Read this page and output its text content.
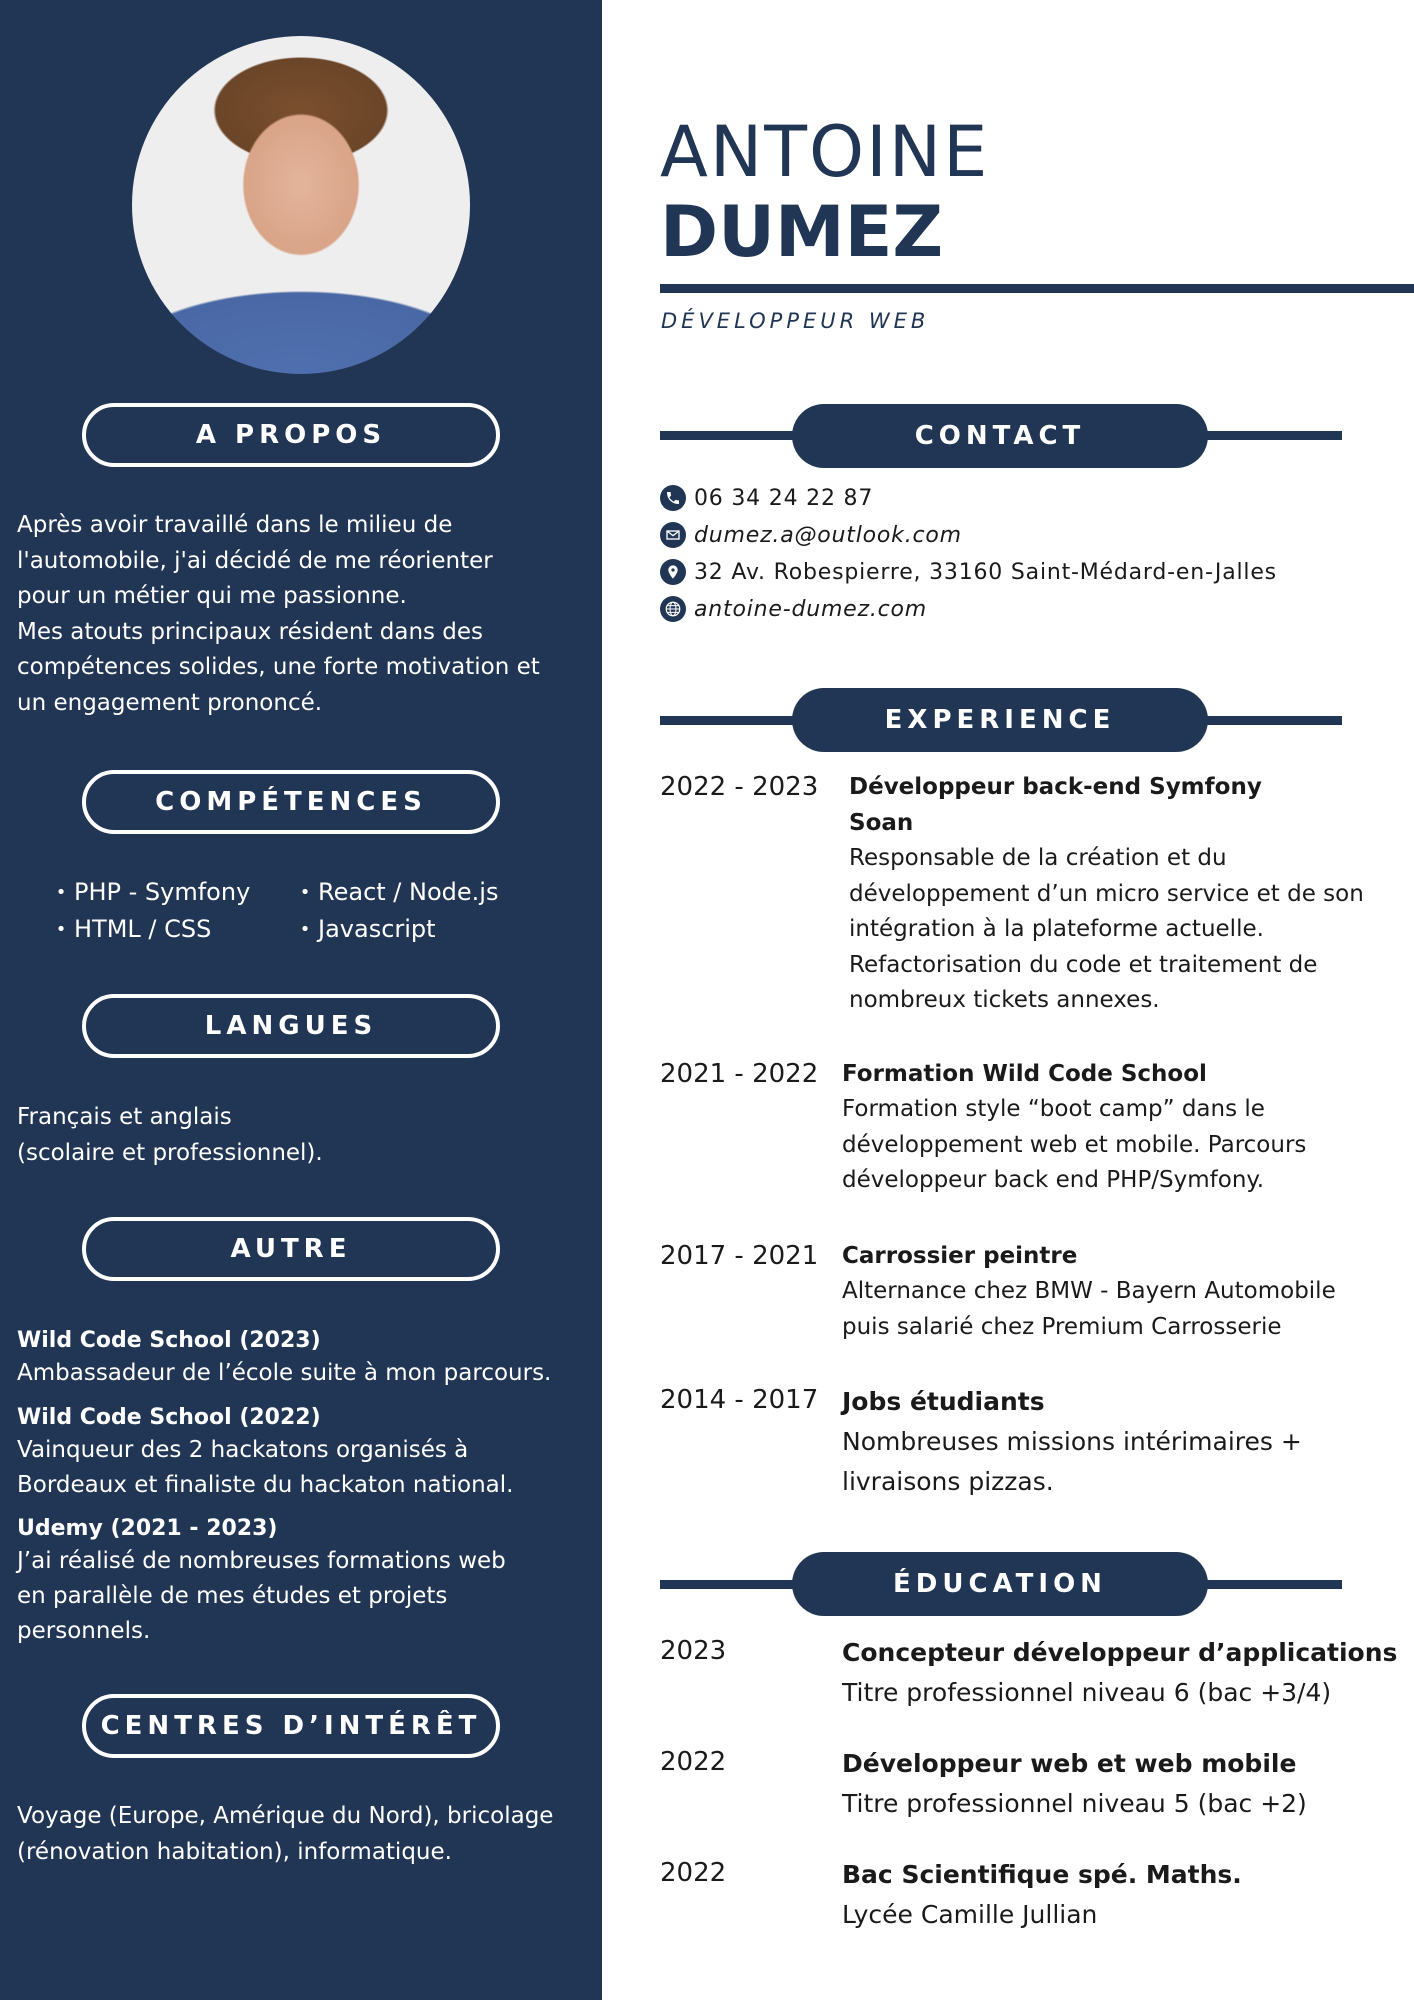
A PROPOS
Après avoir travaillé dans le milieu de
l'automobile, j'ai décidé de me réorienter
pour un métier qui me passionne.
Mes atouts principaux résident dans des
compétences solides, une forte motivation et
un engagement prononcé.
COMPÉTENCES
• PHP - Symfony	• React / Node.js
• HTML / CSS	• Javascript
LANGUES
Français et anglais
(scolaire et professionnel).
AUTRE
Wild Code School (2023)
Ambassadeur de l’école suite à mon parcours.
Wild Code School (2022)
Vainqueur des 2 hackatons organisés à
Bordeaux et finaliste du hackaton national.
Udemy (2021 - 2023)
J’ai réalisé de nombreuses formations web
en parallèle de mes études et projets
personnels.
CENTRES D’INTÉRÊT
Voyage (Europe, Amérique du Nord), bricolage
(rénovation habitation), informatique.
ANTOINE
DUMEZ
DÉVELOPPEUR WEB
CONTACT
06 34 24 22 87
dumez.a@outlook.com
32 Av. Robespierre, 33160 Saint-Médard-en-Jalles
antoine-dumez.com
EXPERIENCE
2022 - 2023 Développeur back-end Symfony
Soan
Responsable de la création et du
développement d’un micro service et de son
intégration à la plateforme actuelle.
Refactorisation du code et traitement de
nombreux tickets annexes.
2021 - 2022 Formation Wild Code School
Formation style “boot camp” dans le
développement web et mobile. Parcours
développeur back end PHP/Symfony.
2017 - 2021 Carrossier peintre
Alternance chez BMW - Bayern Automobile
puis salarié chez Premium Carrosserie
2014 - 2017 Jobs étudiants
Nombreuses missions intérimaires +
livraisons pizzas.
ÉDUCATION
2023	Concepteur développeur d’applications
Titre professionnel niveau 6 (bac +3/4)
2022	Développeur web et web mobile
Titre professionnel niveau 5 (bac +2)
2022	Bac Scientifique spé. Maths.
Lycée Camille Jullian
